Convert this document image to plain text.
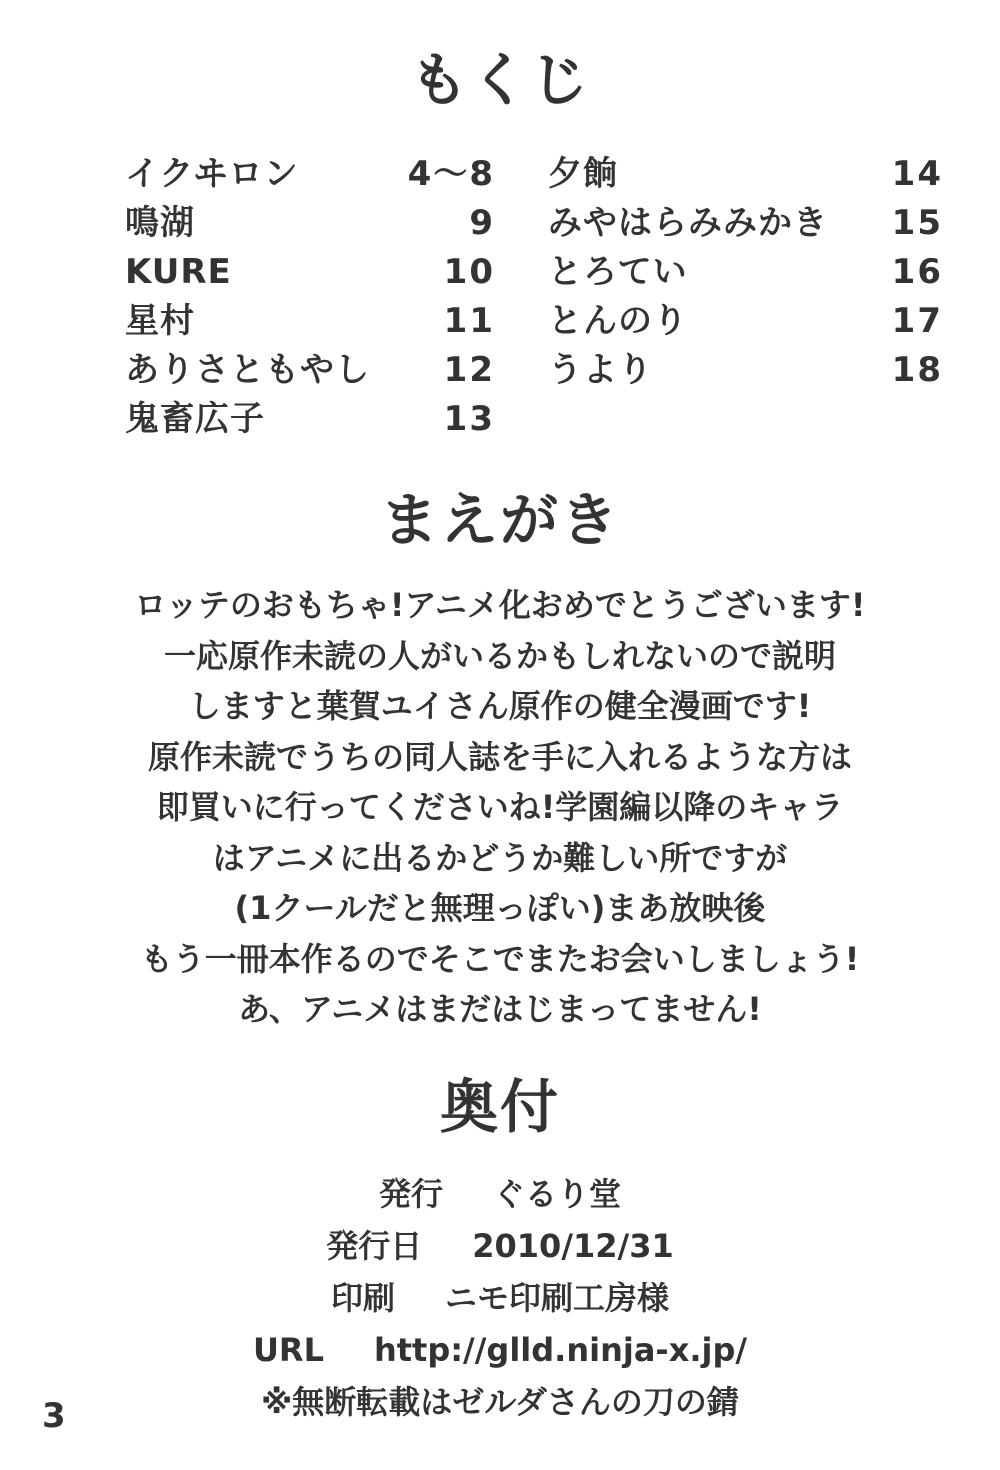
もくじ
イクヰロン	4～8
鳴湖	9
KURE	10
星村	11
ありさともやし 12
鬼畜広子	13
夕餉	14
みやはらみみかき 15
とろてい	16
とんのり	17
うより	18
まえがき
ロッテのおもちゃ!アニメ化おめでとうございます!
一応原作未読の人がいるかもしれないので説明
しますと葉賀ユイさん原作の健全漫画です!
原作未読でうちの同人誌を手に入れるような方は
即買いに行ってくださいね!学園編以降のキャラ
はアニメに出るかどうか難しい所ですが
(1クールだと無理っぽい)まあ放映後
もう一冊本作るのでそこでまたお会いしましょう!
あ、アニメはまだはじまってません!
奥付
発行 ぐるり堂
発行日 2010/12/31
印刷 ニモ印刷工房様
URL http://glld.ninja-x.jp/
※無断転載はゼルダさんの刀の錆
3
